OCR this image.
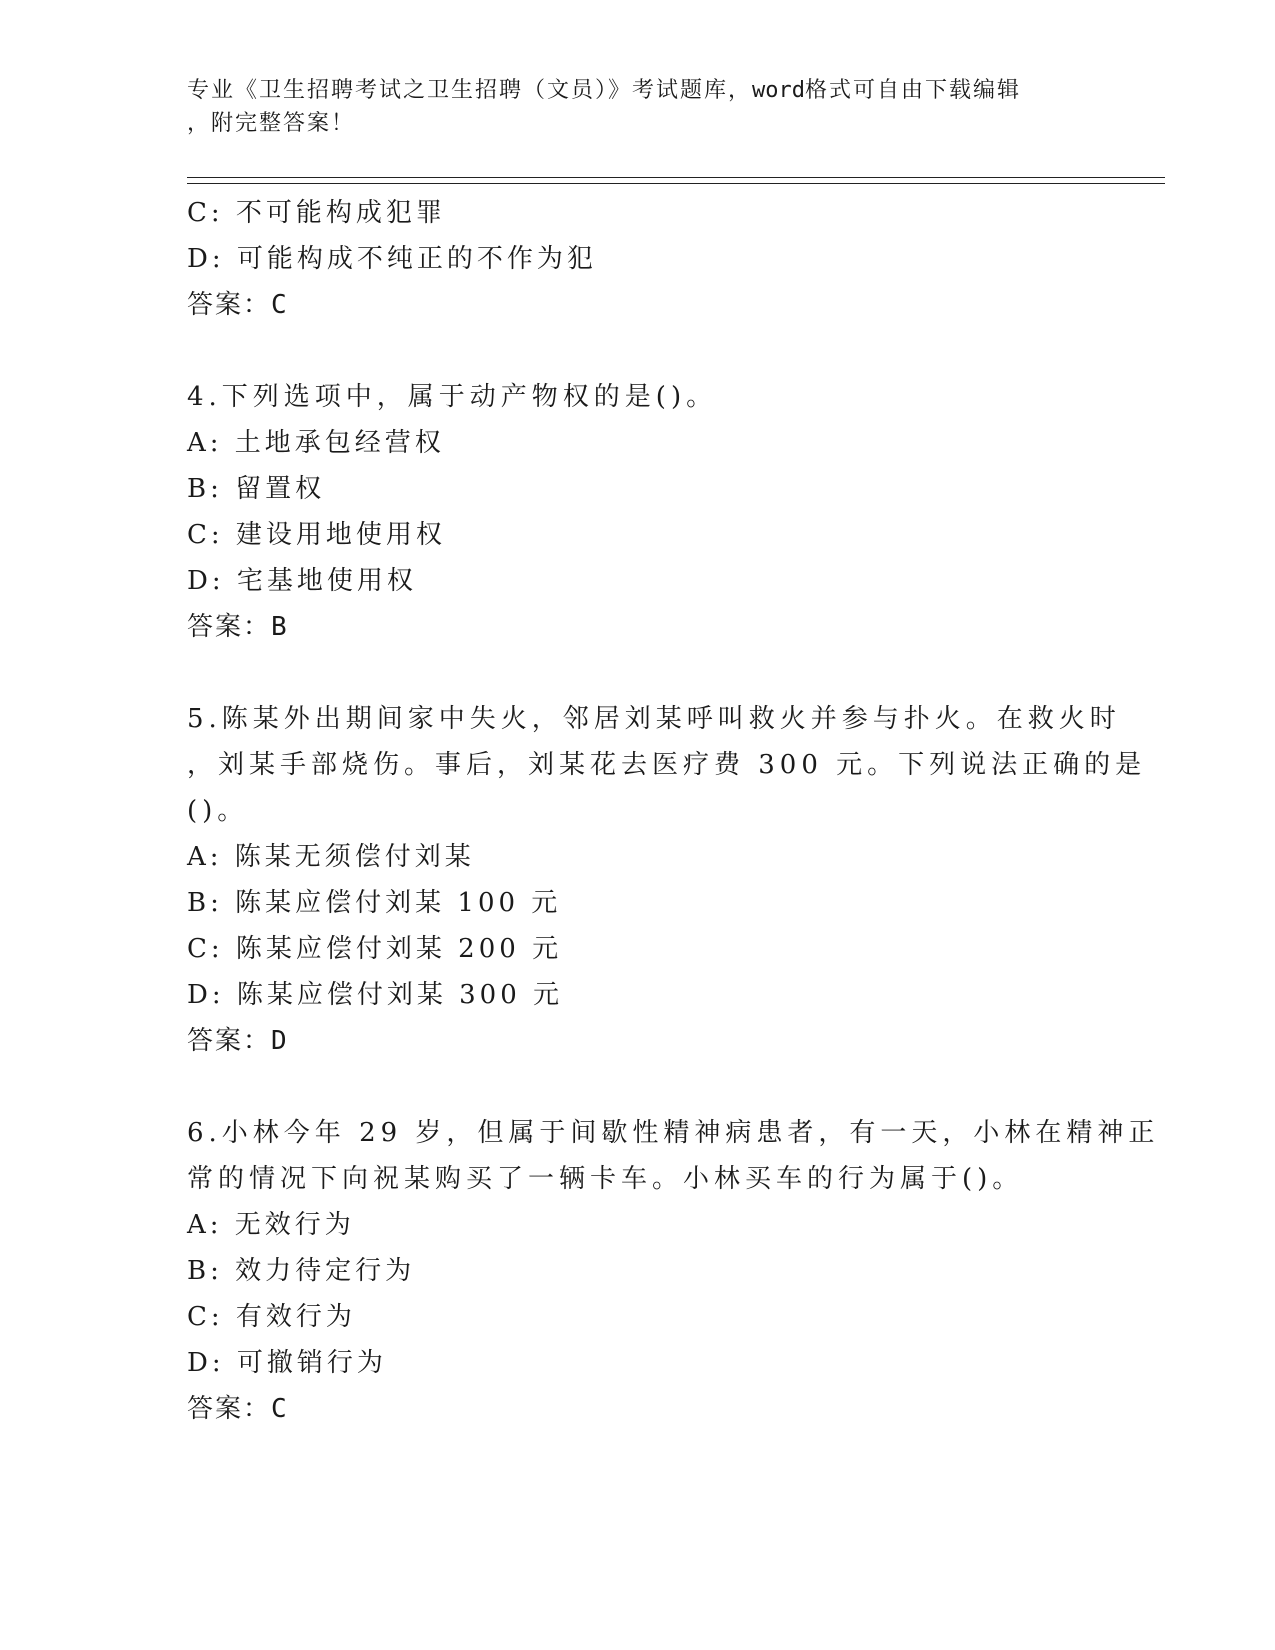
专业《卫生招聘考试之卫生招聘（文员）》考试题库，word格式可自由下载编辑
，附完整答案！
C: 不可能构成犯罪
D: 可能构成不纯正的不作为犯
答案：C
4.下列选项中，属于动产物权的是()。
A: 土地承包经营权
B: 留置权
C: 建设用地使用权
D: 宅基地使用权
答案：B
5.陈某外出期间家中失火，邻居刘某呼叫救火并参与扑火。在救火时
，刘某手部烧伤。事后，刘某花去医疗费 300 元。下列说法正确的是
()。
A: 陈某无须偿付刘某
B: 陈某应偿付刘某 100 元
C: 陈某应偿付刘某 200 元
D: 陈某应偿付刘某 300 元
答案：D
6.小林今年 29 岁，但属于间歇性精神病患者，有一天，小林在精神正
常的情况下向祝某购买了一辆卡车。小林买车的行为属于()。
A: 无效行为
B: 效力待定行为
C: 有效行为
D: 可撤销行为
答案：C
